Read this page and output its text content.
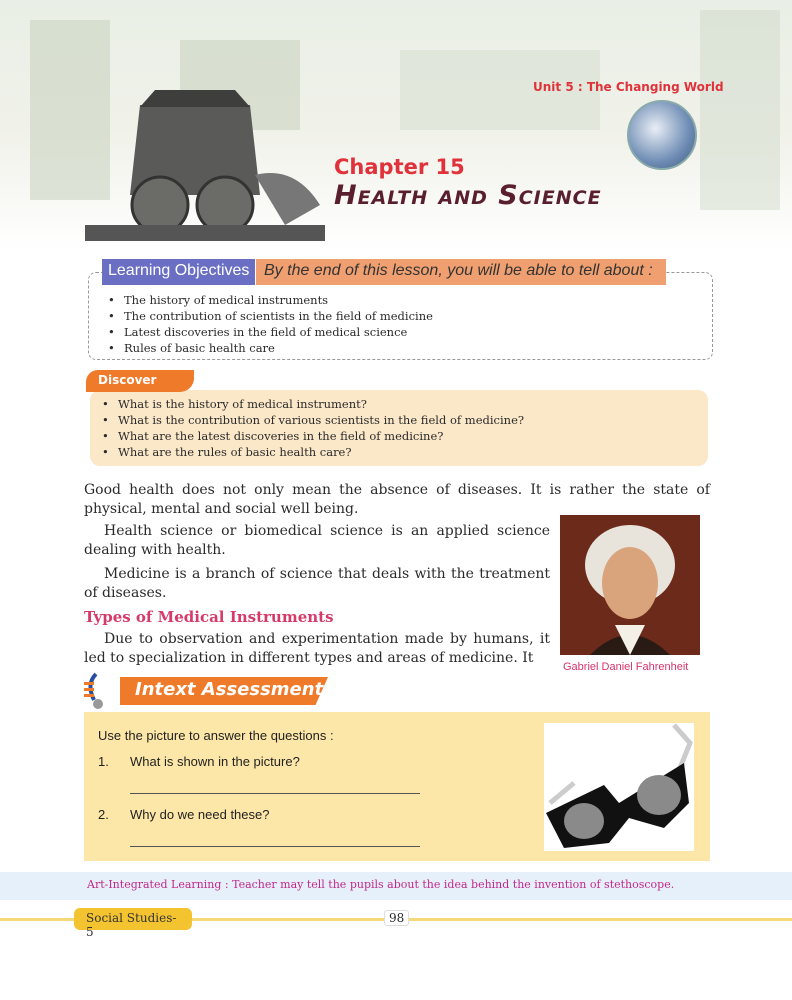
Unit 5 : The Changing World
Chapter 15
Health and Science
Learning Objectives By the end of this lesson, you will be able to tell about :
• The history of medical instruments
• The contribution of scientists in the field of medicine
• Latest discoveries in the field of medical science
• Rules of basic health care
Discover
• What is the history of medical instrument?
• What is the contribution of various scientists in the field of medicine?
• What are the latest discoveries in the field of medicine?
• What are the rules of basic health care?

Good health does not only mean the absence of diseases. It is rather the state of physical, mental and social well being.

Health science or biomedical science is an applied science dealing with health.

Medicine is a branch of science that deals with the treatment of diseases.

Types of Medical Instruments

Due to observation and experimentation made by humans, it led to specialization in different types and areas of medicine. It

Gabriel Daniel Fahrenheit
Intext Assessment
Use the picture to answer the questions :
1. What is shown in the picture?
2. Why do we need these?
Art-Integrated Learning : Teacher may tell the pupils about the idea behind the invention of stethoscope.
Social Studies-5 ›
98
